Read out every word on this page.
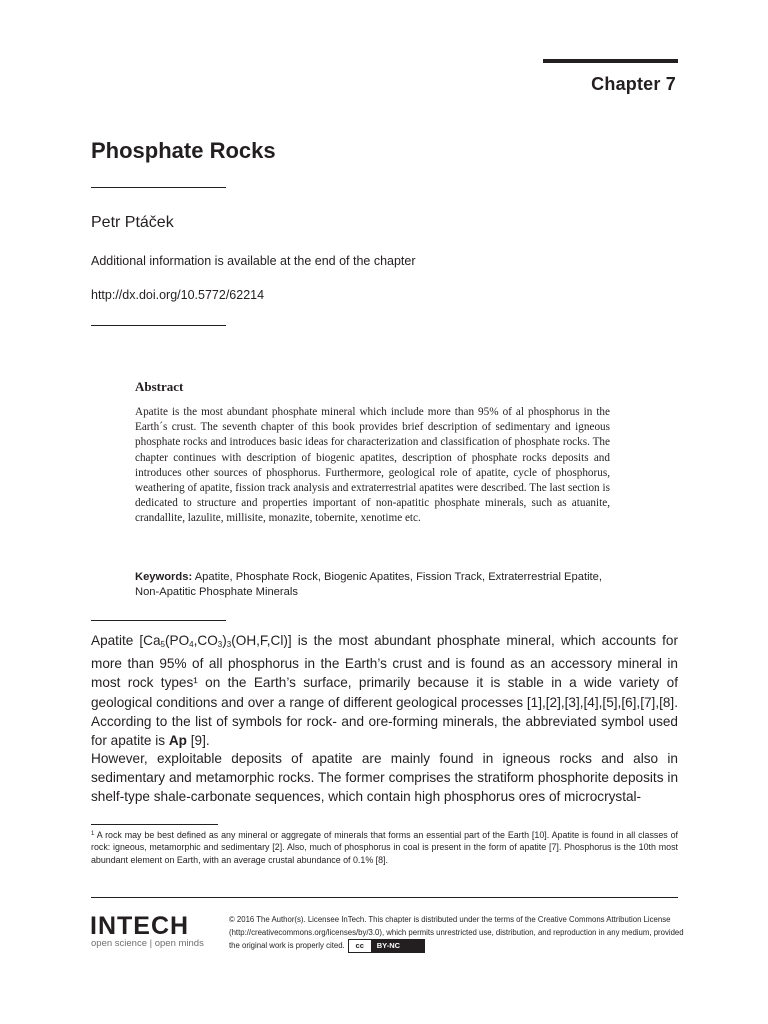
Chapter 7
Phosphate Rocks
Petr Ptáček
Additional information is available at the end of the chapter
http://dx.doi.org/10.5772/62214
Abstract
Apatite is the most abundant phosphate mineral which include more than 95% of al phosphorus in the Earth´s crust. The seventh chapter of this book provides brief description of sedimentary and igneous phosphate rocks and introduces basic ideas for characterization and classification of phosphate rocks. The chapter continues with description of biogenic apatites, description of phosphate rocks deposits and introduces other sources of phosphorus. Furthermore, geological role of apatite, cycle of phosphorus, weathering of apatite, fission track analysis and extraterrestrial apatites were described. The last section is dedicated to structure and properties important of non-apatitic phosphate minerals, such as atuanite, crandallite, lazulite, millisite, monazite, tobernite, xenotime etc.
Keywords: Apatite, Phosphate Rock, Biogenic Apatites, Fission Track, Extraterrestrial Epatite, Non-Apatitic Phosphate Minerals
Apatite $[Ca_5(PO_4,CO_3)_3(OH,F,Cl)]$ is the most abundant phosphate mineral, which accounts for more than 95% of all phosphorus in the Earth’s crust and is found as an accessory mineral in most rock types¹ on the Earth’s surface, primarily because it is stable in a wide variety of geological conditions and over a range of different geological processes [1],[2],[3],[4],[5],[6],[7],[8]. According to the list of symbols for rock- and ore-forming minerals, the abbreviated symbol used for apatite is Ap [9].
However, exploitable deposits of apatite are mainly found in igneous rocks and also in sedimentary and metamorphic rocks. The former comprises the stratiform phosphorite deposits in shelf-type shale-carbonate sequences, which contain high phosphorus ores of microcrystal-
$^1$ A rock may be best defined as any mineral or aggregate of minerals that forms an essential part of the Earth [10]. Apatite is found in all classes of rock: igneous, metamorphic and sedimentary [2]. Also, much of phosphorus in coal is present in the form of apatite [7]. Phosphorus is the 10th most abundant element on Earth, with an average crustal abundance of 0.1% [8].
INTECH
open science | open minds
© 2016 The Author(s). Licensee InTech. This chapter is distributed under the terms of the Creative Commons Attribution License (http://creativecommons.org/licenses/by/3.0), which permits unrestricted use, distribution, and reproduction in any medium, provided the original work is properly cited. cc BY-NC
